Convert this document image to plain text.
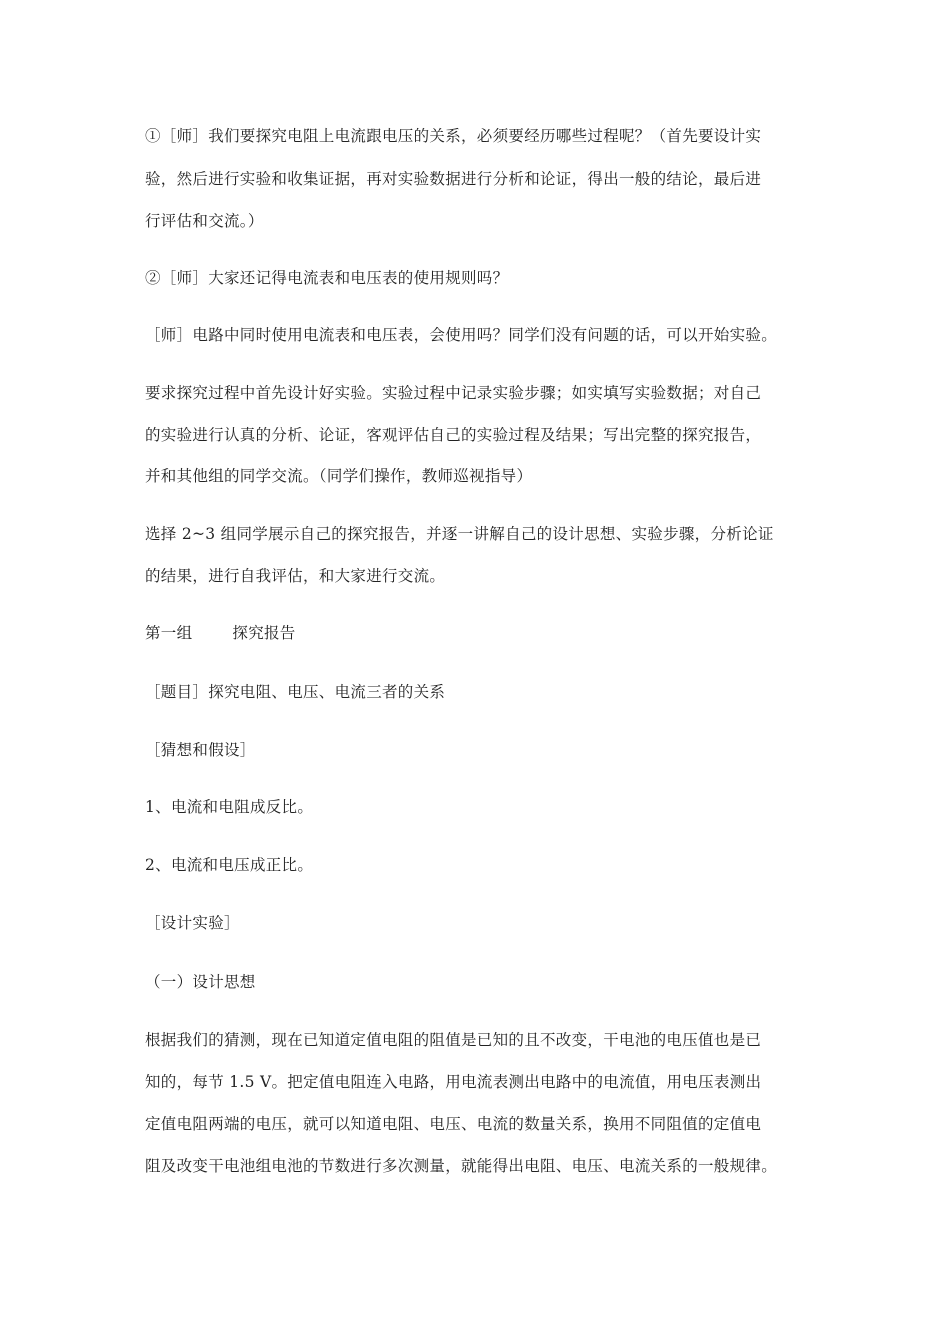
①［师］我们要探究电阻上电流跟电压的关系，必须要经历哪些过程呢？（首先要设计实
验，然后进行实验和收集证据，再对实验数据进行分析和论证，得出一般的结论，最后进
行评估和交流。）
②［师］大家还记得电流表和电压表的使用规则吗？
［师］电路中同时使用电流表和电压表，会使用吗？同学们没有问题的话，可以开始实验。
要求探究过程中首先设计好实验。实验过程中记录实验步骤；如实填写实验数据；对自己
的实验进行认真的分析、论证，客观评估自己的实验过程及结果；写出完整的探究报告，
并和其他组的同学交流。（同学们操作，教师巡视指导）
选择 2~3 组同学展示自己的探究报告，并逐一讲解自己的设计思想、实验步骤，分析论证
的结果，进行自我评估，和大家进行交流。
第一组	探究报告
［题目］探究电阻、电压、电流三者的关系
［猜想和假设］
1、电流和电阻成反比。
2、电流和电压成正比。
［设计实验］
（一）设计思想
根据我们的猜测，现在已知道定值电阻的阻值是已知的且不改变，干电池的电压值也是已
知的，每节 1.5 V。把定值电阻连入电路，用电流表测出电路中的电流值，用电压表测出
定值电阻两端的电压，就可以知道电阻、电压、电流的数量关系，换用不同阻值的定值电
阻及改变干电池组电池的节数进行多次测量，就能得出电阻、电压、电流关系的一般规律。
